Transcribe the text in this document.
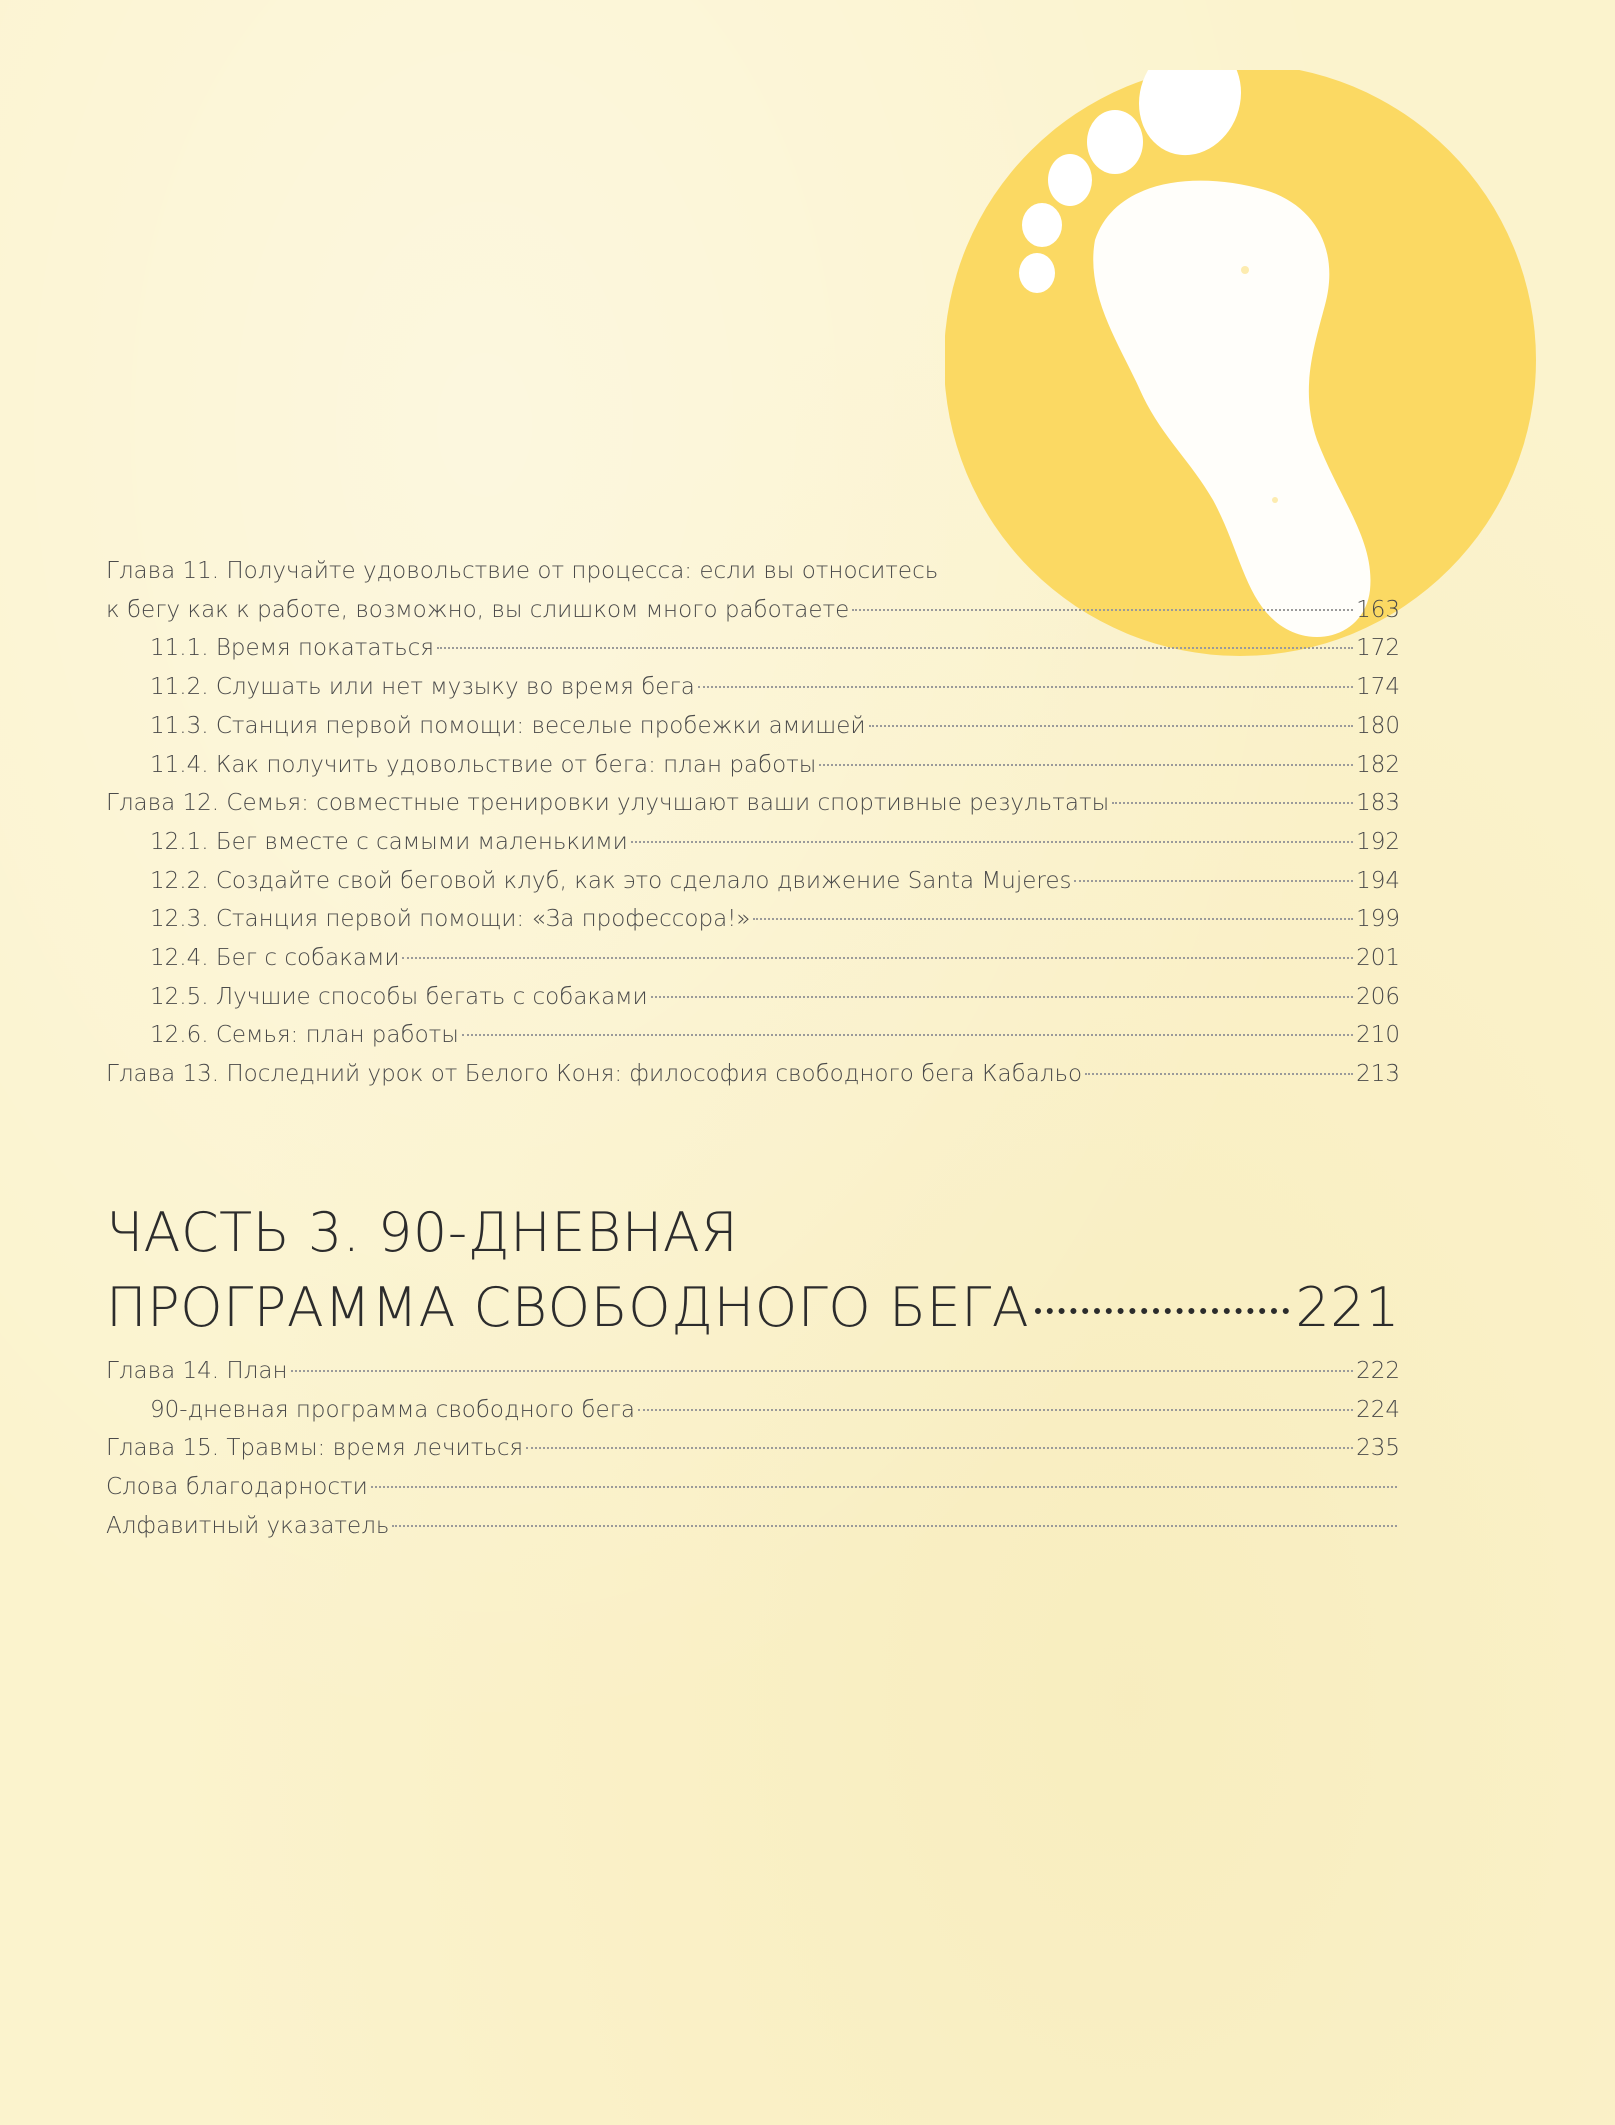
Глава 11. Получайте удовольствие от процесса: если вы относитесь
к бегу как к работе, возможно, вы слишком много работаете	163
11.1. Время покататься	172
11.2. Слушать или нет музыку во время бега	174
11.3. Станция первой помощи: веселые пробежки амишей	180
11.4. Как получить удовольствие от бега: план работы	182
Глава 12. Семья: совместные тренировки улучшают ваши спортивные результаты	183
12.1. Бег вместе с самыми маленькими	192
12.2. Создайте свой беговой клуб, как это сделало движение Santa Mujeres	194
12.3. Станция первой помощи: «За профессора!»	199
12.4. Бег с собаками	201
12.5. Лучшие способы бегать с собаками	206
12.6. Семья: план работы	210
Глава 13. Последний урок от Белого Коня: философия свободного бега Кабальо	213
ЧАСТЬ 3. 90-ДНЕВНАЯ
ПРОГРАММА СВОБОДНОГО БЕГА	221
Глава 14. План	222
90-дневная программа свободного бега	224
Глава 15. Травмы: время лечиться	235
Слова благодарности
Алфавитный указатель
